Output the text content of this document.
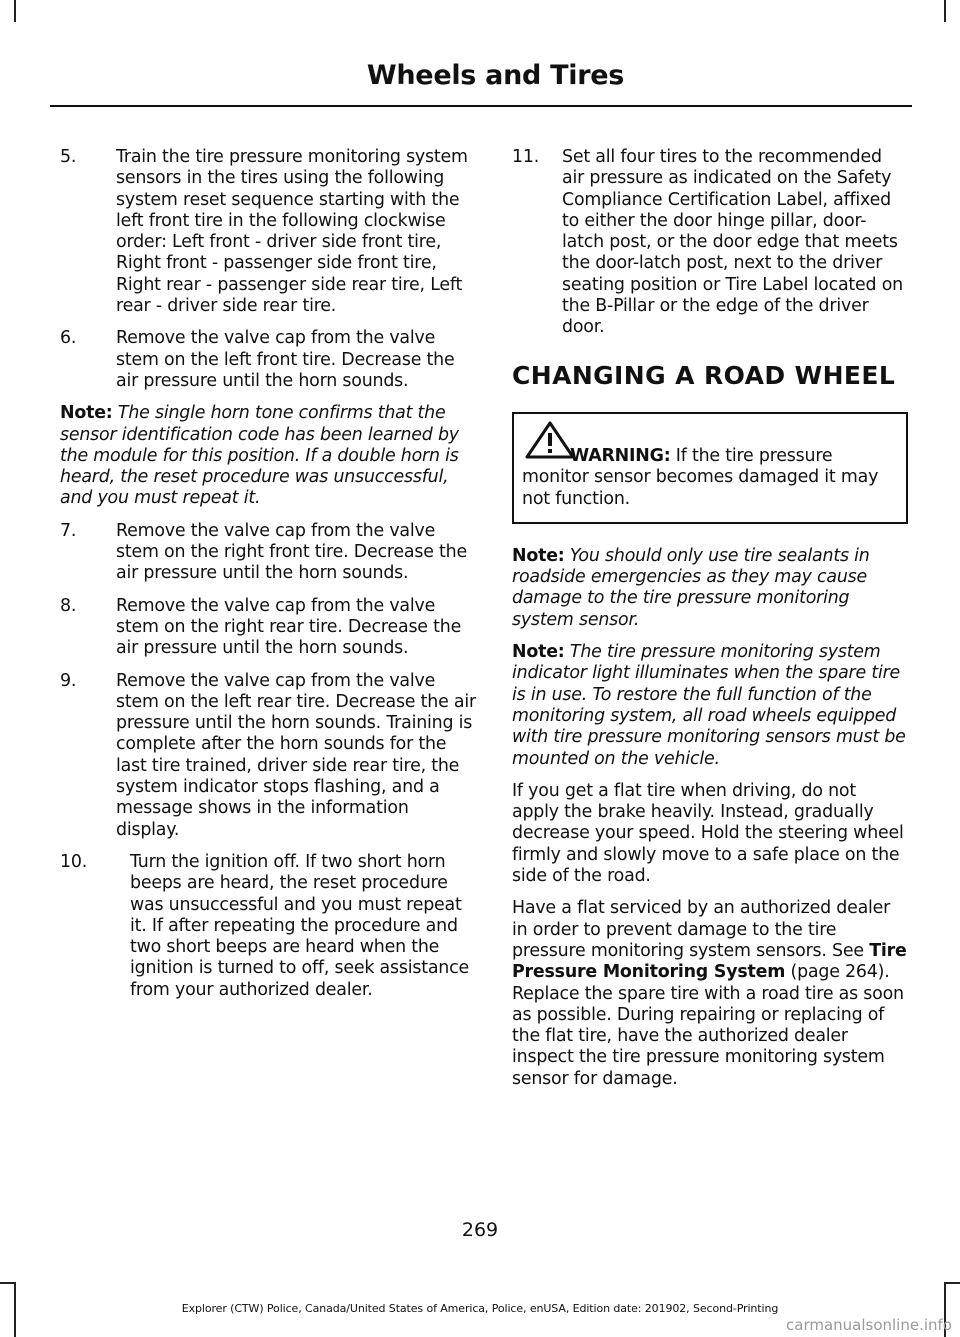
Wheels and Tires
5.	Train the tire pressure monitoring system sensors in the tires using the following system reset sequence starting with the left front tire in the following clockwise order: Left front - driver side front tire, Right front - passenger side front tire, Right rear - passenger side rear tire, Left rear - driver side rear tire.
6.	Remove the valve cap from the valve stem on the left front tire. Decrease the air pressure until the horn sounds.

Note: The single horn tone confirms that the sensor identification code has been learned by the module for this position. If a double horn is heard, the reset procedure was unsuccessful, and you must repeat it.

7.	Remove the valve cap from the valve stem on the right front tire. Decrease the air pressure until the horn sounds.
8.	Remove the valve cap from the valve stem on the right rear tire. Decrease the air pressure until the horn sounds.
9.	Remove the valve cap from the valve stem on the left rear tire. Decrease the air pressure until the horn sounds. Training is complete after the horn sounds for the last tire trained, driver side rear tire, the system indicator stops flashing, and a message shows in the information display.
10.	Turn the ignition off. If two short horn beeps are heard, the reset procedure was unsuccessful and you must repeat it. If after repeating the procedure and two short beeps are heard when the ignition is turned to off, seek assistance from your authorized dealer.
11.	Set all four tires to the recommended air pressure as indicated on the Safety Compliance Certification Label, affixed to either the door hinge pillar, door-latch post, or the door edge that meets the door-latch post, next to the driver seating position or Tire Label located on the B-Pillar or the edge of the driver door.
CHANGING A ROAD WHEEL
WARNING: If the tire pressure monitor sensor becomes damaged it may not function.

Note: You should only use tire sealants in roadside emergencies as they may cause damage to the tire pressure monitoring system sensor.

Note: The tire pressure monitoring system indicator light illuminates when the spare tire is in use. To restore the full function of the monitoring system, all road wheels equipped with tire pressure monitoring sensors must be mounted on the vehicle.

If you get a flat tire when driving, do not apply the brake heavily. Instead, gradually decrease your speed. Hold the steering wheel firmly and slowly move to a safe place on the side of the road.

Have a flat serviced by an authorized dealer in order to prevent damage to the tire pressure monitoring system sensors. See Tire Pressure Monitoring System (page 264). Replace the spare tire with a road tire as soon as possible. During repairing or replacing of the flat tire, have the authorized dealer inspect the tire pressure monitoring system sensor for damage.

269
Explorer (CTW) Police, Canada/United States of America, Police, enUSA, Edition date: 201902, Second-Printing
carmanualsonline.info
